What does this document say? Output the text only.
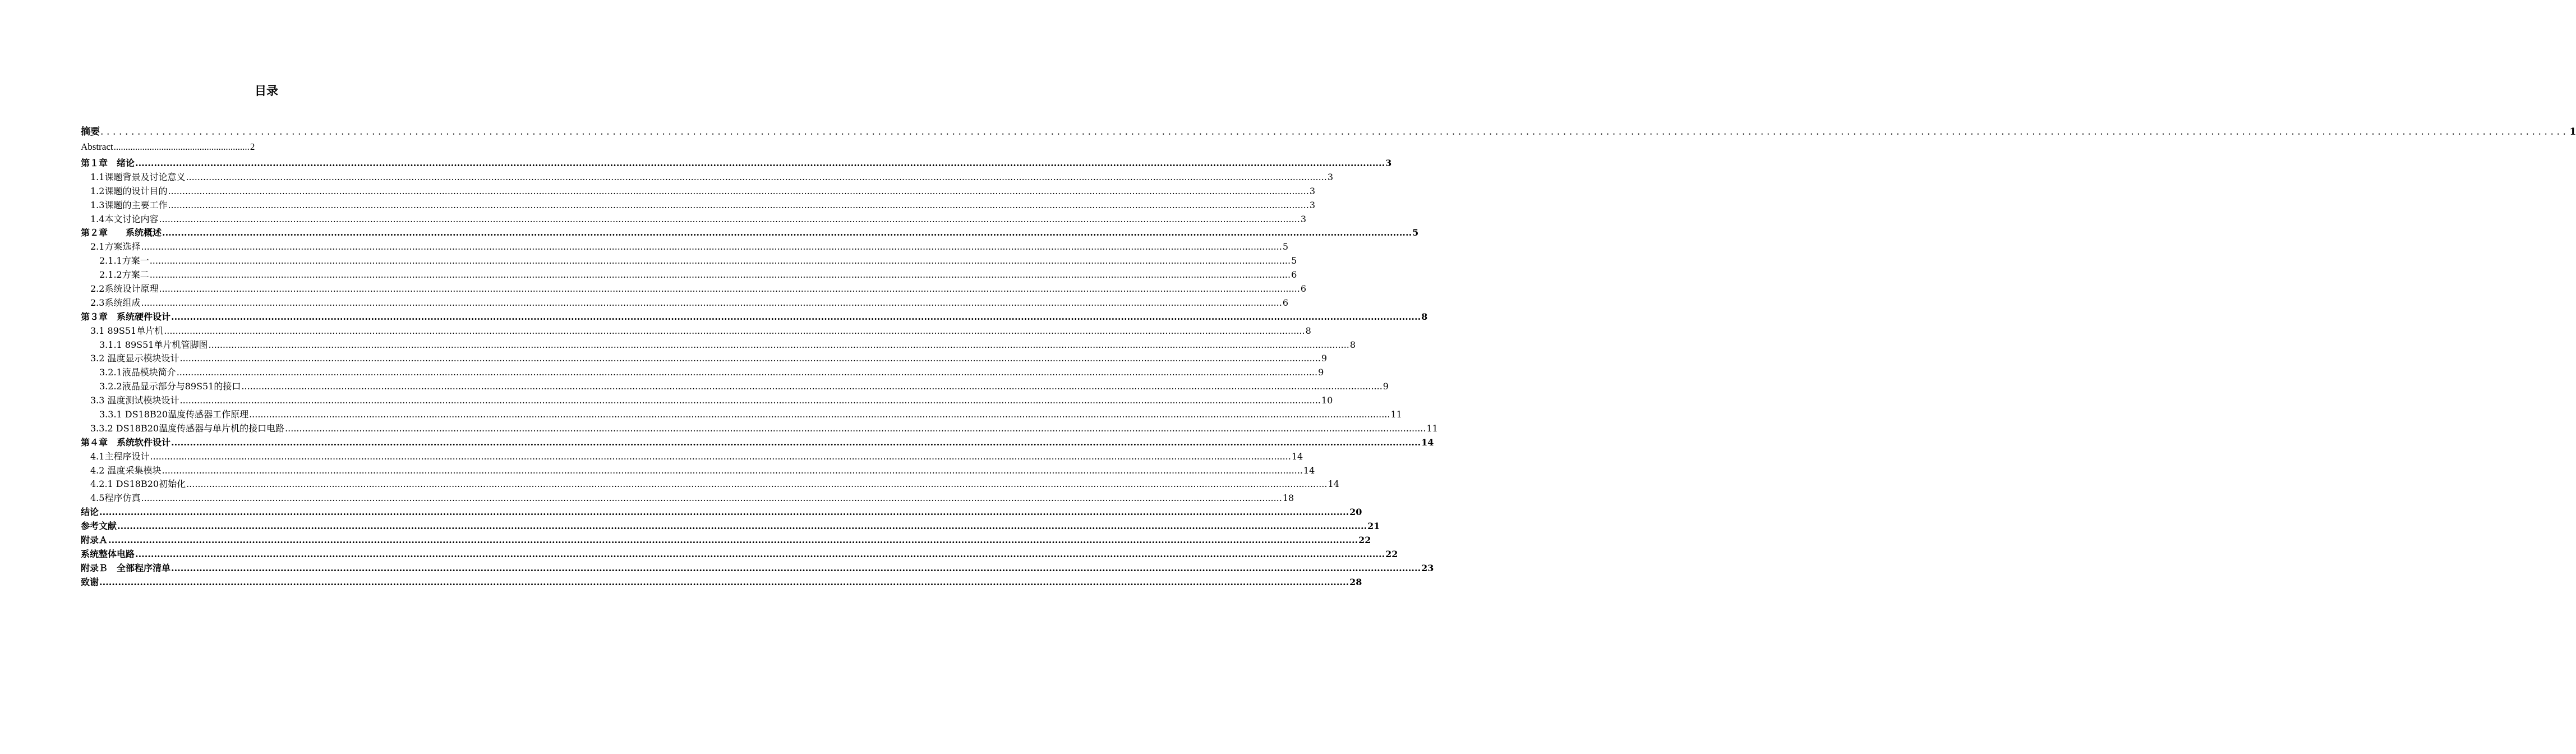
目录
摘要 ................................................................................................................................................................................................................................................................................................................................................................................................................ 1
Abstract ......................................................... 2
第１章　绪论 ................................................................................................................................................................................................................................................................................................................................................................................................................ 3
1.1课题背景及讨论意义 ................................................................................................................................................................................................................................................................................................................................................................................................................ 3
1.2课题的设计目的 ................................................................................................................................................................................................................................................................................................................................................................................................................ 3
1.3课题的主要工作 ................................................................................................................................................................................................................................................................................................................................................................................................................ 3
1.4本文讨论内容 ................................................................................................................................................................................................................................................................................................................................................................................................................ 3
第２章　　系统概述 ................................................................................................................................................................................................................................................................................................................................................................................................................ 5
2.1方案选择 ................................................................................................................................................................................................................................................................................................................................................................................................................ 5
2.1.1方案一 ................................................................................................................................................................................................................................................................................................................................................................................................................ 5
2.1.2方案二 ................................................................................................................................................................................................................................................................................................................................................................................................................ 6
2.2系统设计原理 ................................................................................................................................................................................................................................................................................................................................................................................................................ 6
2.3系统组成 ................................................................................................................................................................................................................................................................................................................................................................................................................ 6
第３章　系统硬件设计 ................................................................................................................................................................................................................................................................................................................................................................................................................ 8
3.1 89S51单片机 ................................................................................................................................................................................................................................................................................................................................................................................................................ 8
3.1.1 89S51单片机管脚图 ................................................................................................................................................................................................................................................................................................................................................................................................................ 8
3.2 温度显示模块设计 ................................................................................................................................................................................................................................................................................................................................................................................................................ 9
3.2.1液晶模块简介 ................................................................................................................................................................................................................................................................................................................................................................................................................ 9
3.2.2液晶显示部分与89S51的接口 ................................................................................................................................................................................................................................................................................................................................................................................................................ 9
3.3 温度测试模块设计 ................................................................................................................................................................................................................................................................................................................................................................................................................ 10
3.3.1 DS18B20温度传感器工作原理 ................................................................................................................................................................................................................................................................................................................................................................................................................ 11
3.3.2 DS18B20温度传感器与单片机的接口电路 ................................................................................................................................................................................................................................................................................................................................................................................................................ 11
第４章　系统软件设计 ................................................................................................................................................................................................................................................................................................................................................................................................................ 14
4.1主程序设计 ................................................................................................................................................................................................................................................................................................................................................................................................................ 14
4.2 温度采集模块 ................................................................................................................................................................................................................................................................................................................................................................................................................ 14
4.2.1 DS18B20初始化 ................................................................................................................................................................................................................................................................................................................................................................................................................ 14
4.5程序仿真 ................................................................................................................................................................................................................................................................................................................................................................................................................ 18
结论 ................................................................................................................................................................................................................................................................................................................................................................................................................ 20
参考文献 ................................................................................................................................................................................................................................................................................................................................................................................................................ 21
附录Ａ ................................................................................................................................................................................................................................................................................................................................................................................................................ 22
系统整体电路 ................................................................................................................................................................................................................................................................................................................................................................................................................ 22
附录Ｂ　全部程序清单 ................................................................................................................................................................................................................................................................................................................................................................................................................ 23
致谢 ................................................................................................................................................................................................................................................................................................................................................................................................................ 28
